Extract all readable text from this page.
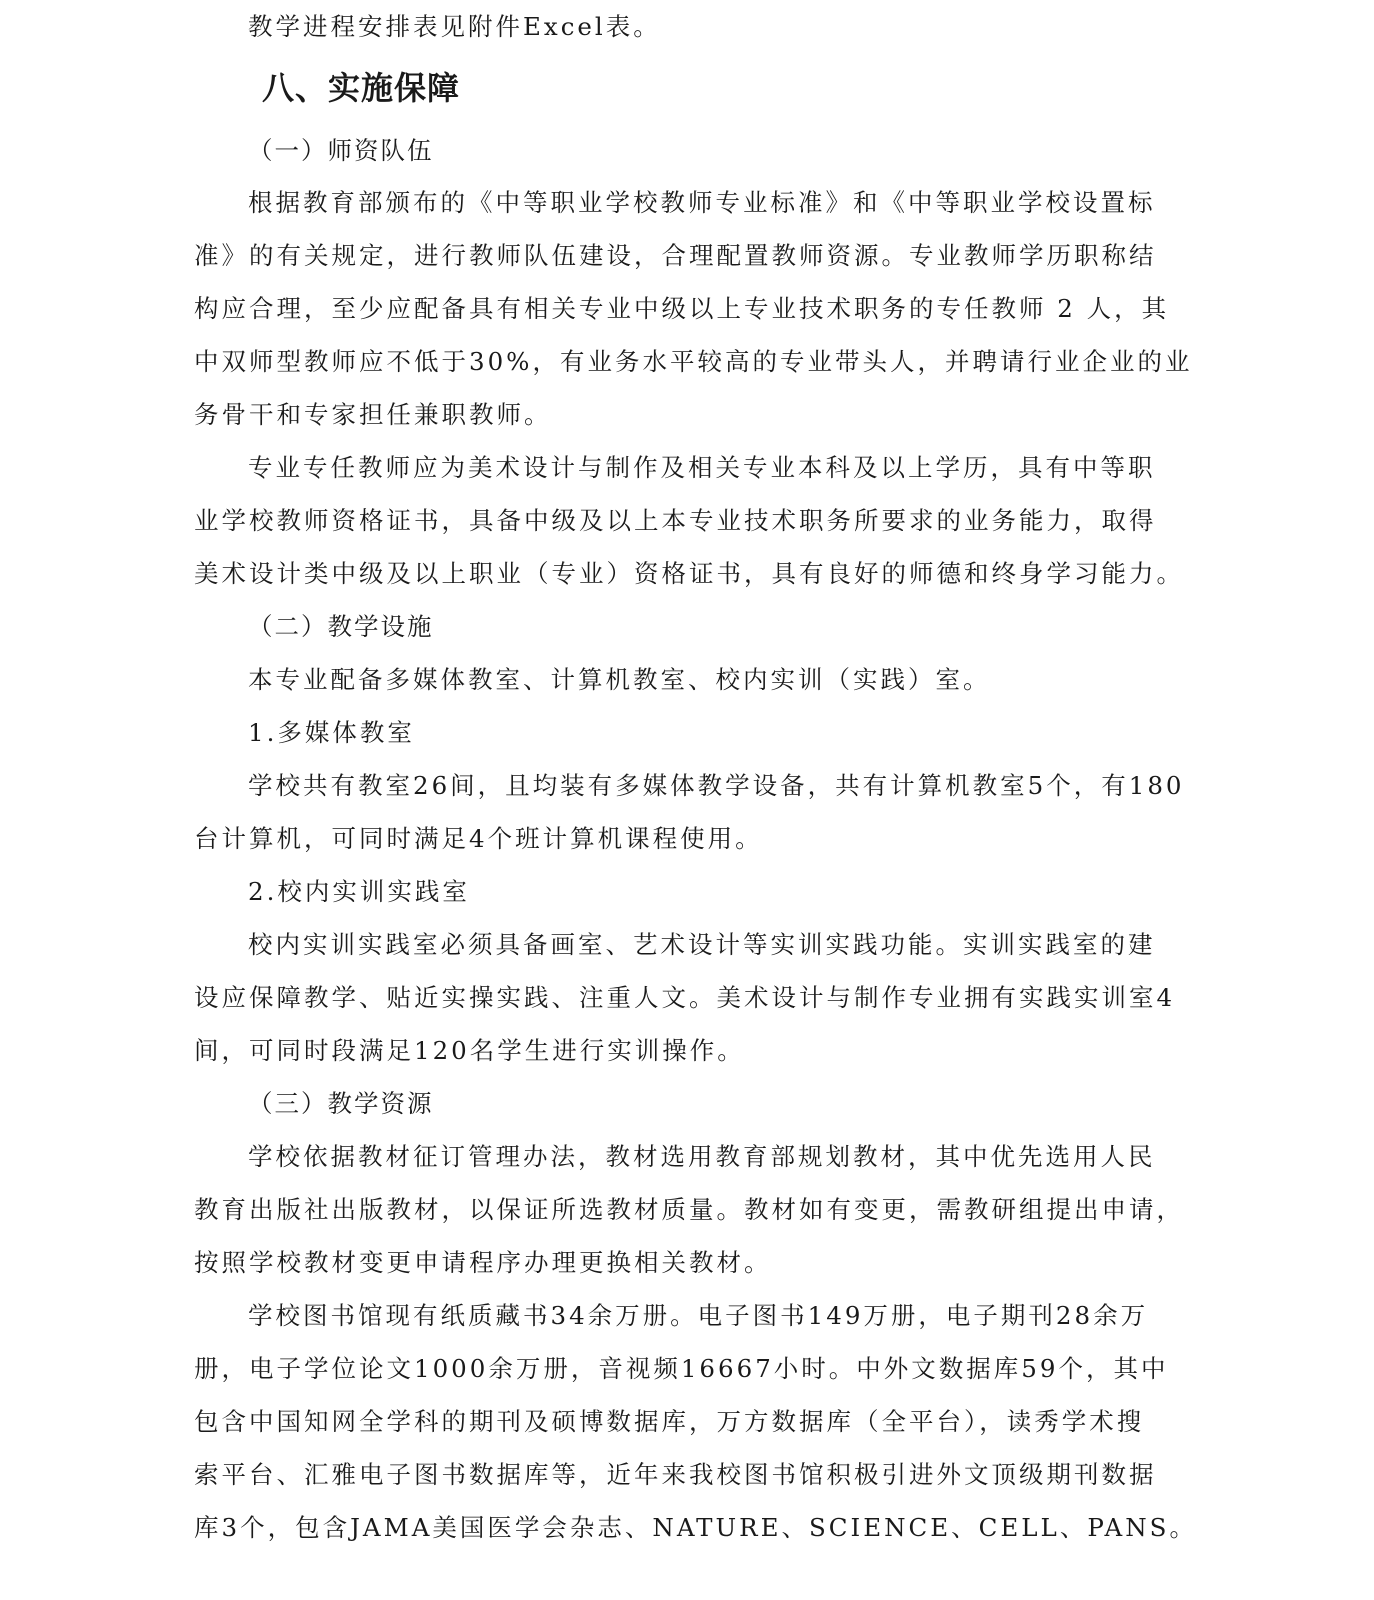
教学进程安排表见附件Excel表。
八、实施保障
（一）师资队伍
根据教育部颁布的《中等职业学校教师专业标准》和《中等职业学校设置标
准》的有关规定，进行教师队伍建设，合理配置教师资源。专业教师学历职称结
构应合理，至少应配备具有相关专业中级以上专业技术职务的专任教师 2 人，其
中双师型教师应不低于30%，有业务水平较高的专业带头人，并聘请行业企业的业
务骨干和专家担任兼职教师。
专业专任教师应为美术设计与制作及相关专业本科及以上学历，具有中等职
业学校教师资格证书，具备中级及以上本专业技术职务所要求的业务能力，取得
美术设计类中级及以上职业（专业）资格证书，具有良好的师德和终身学习能力。
（二）教学设施
本专业配备多媒体教室、计算机教室、校内实训（实践）室。
1.多媒体教室
学校共有教室26间，且均装有多媒体教学设备，共有计算机教室5个，有180
台计算机，可同时满足4个班计算机课程使用。
2.校内实训实践室
校内实训实践室必须具备画室、艺术设计等实训实践功能。实训实践室的建
设应保障教学、贴近实操实践、注重人文。美术设计与制作专业拥有实践实训室4
间，可同时段满足120名学生进行实训操作。
（三）教学资源
学校依据教材征订管理办法，教材选用教育部规划教材，其中优先选用人民
教育出版社出版教材，以保证所选教材质量。教材如有变更，需教研组提出申请，
按照学校教材变更申请程序办理更换相关教材。
学校图书馆现有纸质藏书34余万册。电子图书149万册，电子期刊28余万
册，电子学位论文1000余万册，音视频16667小时。中外文数据库59个，其中
包含中国知网全学科的期刊及硕博数据库，万方数据库（全平台），读秀学术搜
索平台、汇雅电子图书数据库等，近年来我校图书馆积极引进外文顶级期刊数据
库3个，包含JAMA美国医学会杂志、NATURE、SCIENCE、CELL、PANS。
